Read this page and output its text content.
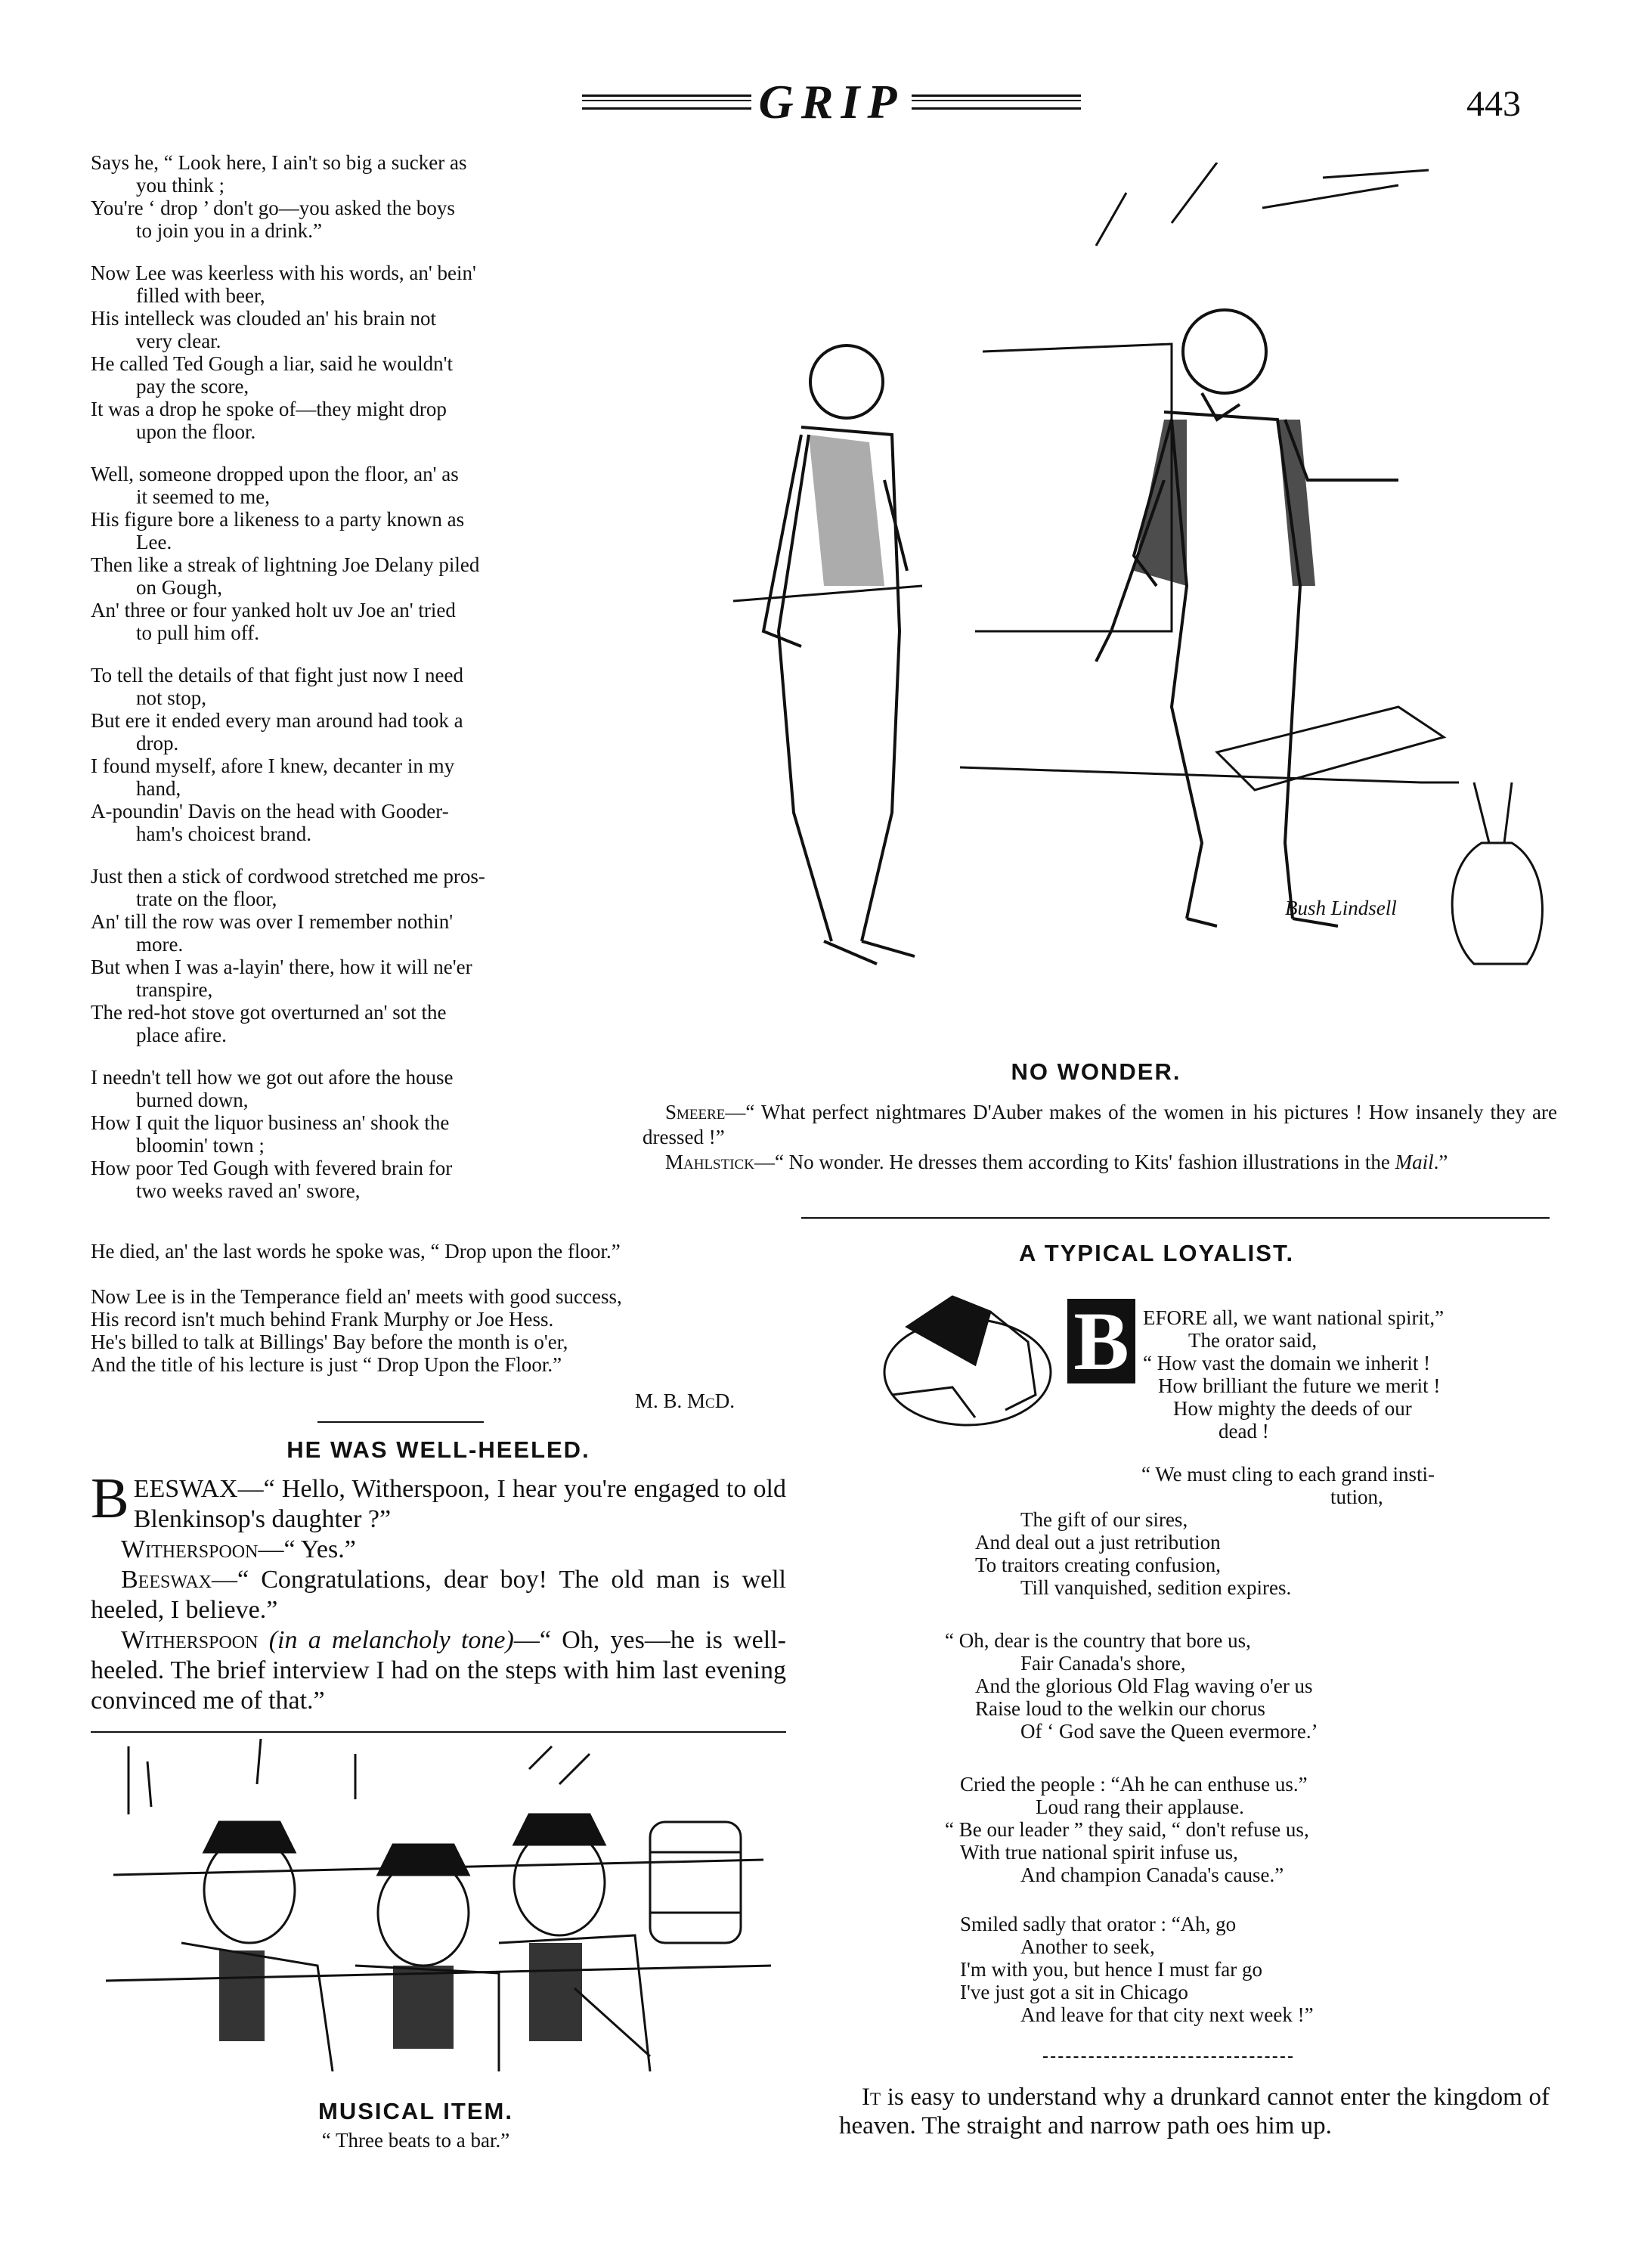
GRIP	443

Says he, “ Look here, I ain't so big a sucker as

you think ;

You're ‘ drop ’ don't go—you asked the boys

to join you in a drink.”

Now Lee was keerless with his words, an' bein'

filled with beer,

His intelleck was clouded an' his brain not

very clear.

He called Ted Gough a liar, said he wouldn't

pay the score,

It was a drop he spoke of—they might drop

upon the floor.

Well, someone dropped upon the floor, an' as

it seemed to me,

His figure bore a likeness to a party known as

Lee.

Then like a streak of lightning Joe Delany piled

on Gough,

An' three or four yanked holt uv Joe an' tried

to pull him off.

To tell the details of that fight just now I need

not stop,

But ere it ended every man around had took a

drop.

I found myself, afore I knew, decanter in my

hand,

A-poundin' Davis on the head with Gooder-

ham's choicest brand.

Just then a stick of cordwood stretched me pros-

trate on the floor,

An' till the row was over I remember nothin'

more.

But when I was a-layin' there, how it will ne'er

transpire,

The red-hot stove got overturned an' sot the

place afire.

I needn't tell how we got out afore the house

burned down,

How I quit the liquor business an' shook the

bloomin' town ;

How poor Ted Gough with fevered brain for

two weeks raved an' swore,

He died, an' the last words he spoke was, “ Drop upon the floor.”
Now Lee is in the Temperance field an' meets with good success,
His record isn't much behind Frank Murphy or Joe Hess.
He's billed to talk at Billings' Bay before the month is o'er,
And the title of his lecture is just “ Drop Upon the Floor.”
M. B. McD.
HE WAS WELL-HEELED.
BEESWAX—“ Hello, Witherspoon, I hear you're engaged to old Blenkinsop's daughter ?”
Witherspoon—“ Yes.”
Beeswax—“ Congratulations, dear boy! The old man is well heeled, I believe.”
Witherspoon (in a melancholy tone)—“ Oh, yes—he is well-heeled. The brief interview I had on the steps with him last evening convinced me of that.”
MUSICAL ITEM.
“ Three beats to a bar.”
Bush Lindsell
NO WONDER.
Smeere—“ What perfect nightmares D'Auber makes of the women in his pictures ! How insanely they are dressed !”
Mahlstick—“ No wonder. He dresses them according to Kits' fashion illustrations in the Mail.”
A TYPICAL LOYALIST.
B EFORE all, we want national spirit,”
The orator said,
“ How vast the domain we inherit !
How brilliant the future we merit !
How mighty the deeds of our
dead !
“ We must cling to each grand insti-
tution,
The gift of our sires,
And deal out a just retribution
To traitors creating confusion,
Till vanquished, sedition expires.
“ Oh, dear is the country that bore us,
Fair Canada's shore,
And the glorious Old Flag waving o'er us
Raise loud to the welkin our chorus
Of ‘ God save the Queen evermore.’
Cried the people : “Ah he can enthuse us.”
Loud rang their applause.
“ Be our leader ” they said, “ don't refuse us,
With true national spirit infuse us,
And champion Canada's cause.”
Smiled sadly that orator : “Ah, go
Another to seek,
I'm with you, but hence I must far go
I've just got a sit in Chicago
And leave for that city next week !”
It is easy to understand why a drunkard cannot enter the kingdom of heaven. The straight and narrow path oes him up.
